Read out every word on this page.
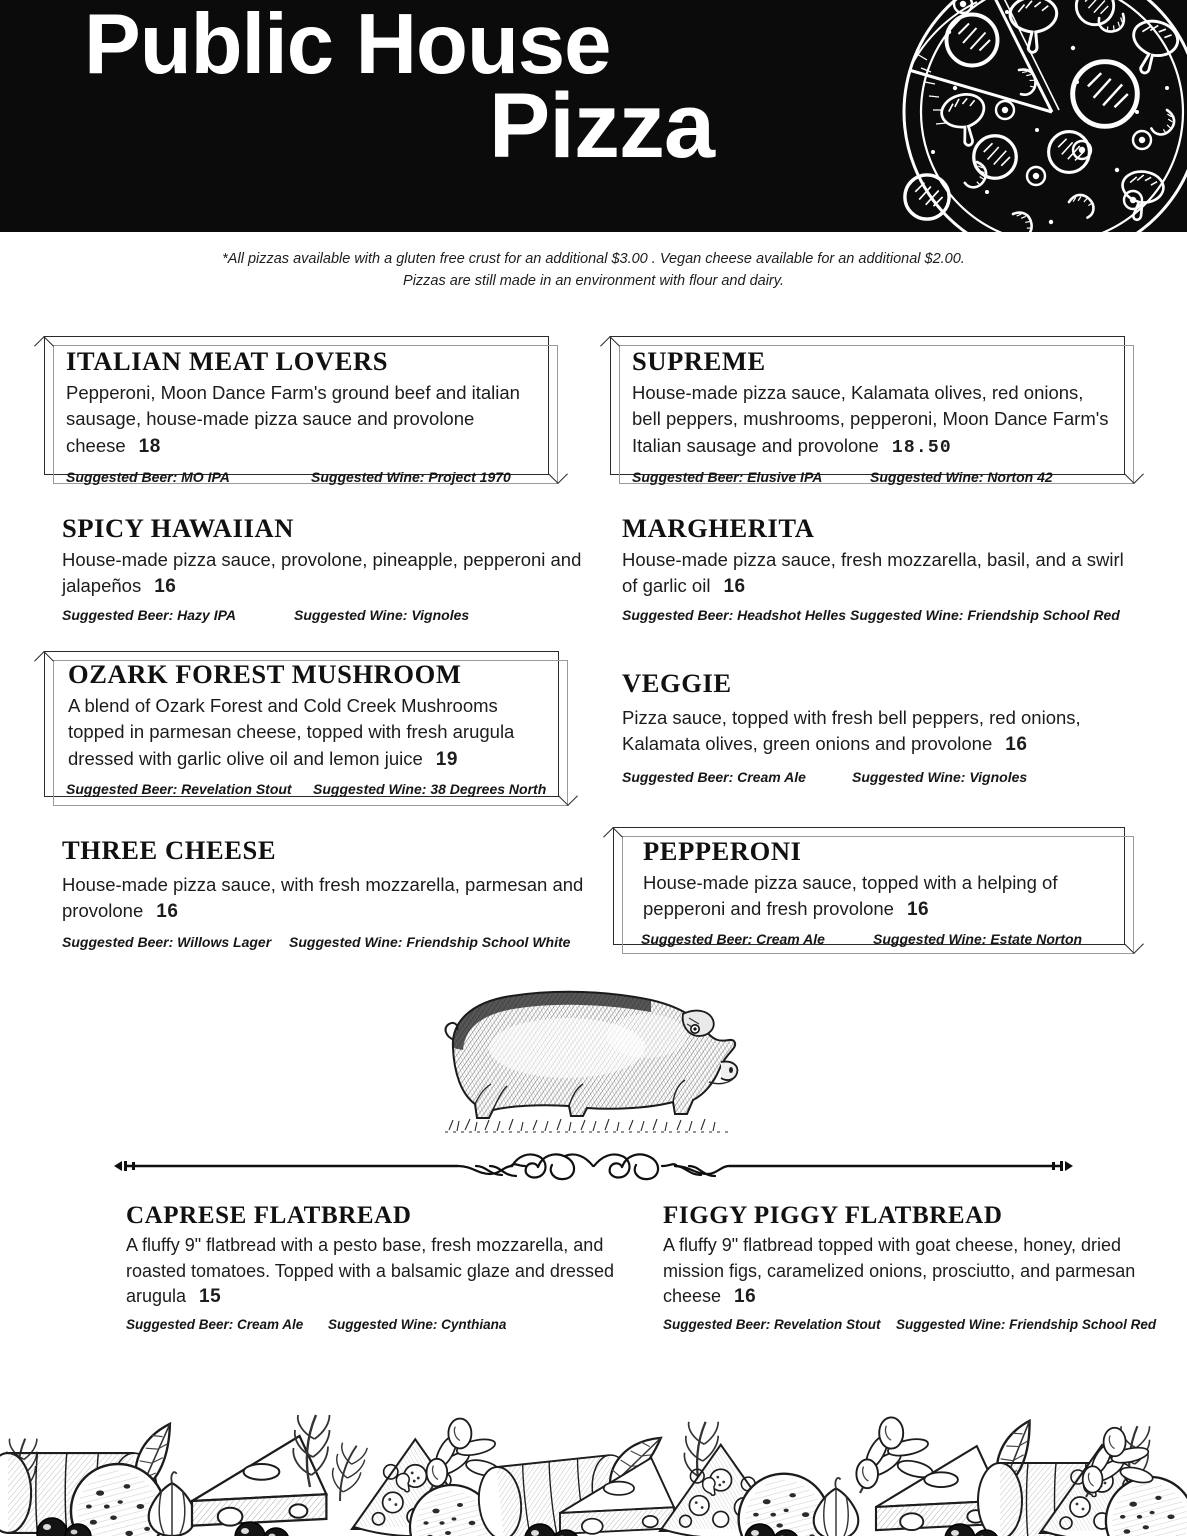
Public House
Pizza
*All pizzas available with a gluten free crust for an additional $3.00 . Vegan cheese available for an additional $2.00.
Pizzas are still made in an environment with flour and dairy.
ITALIAN MEAT LOVERS
Pepperoni, Moon Dance Farm's ground beef and italian sausage, house-made pizza sauce and provolone cheese 18
Suggested Beer: MO IPA	Suggested Wine: Project 1970
SUPREME
House-made pizza sauce, Kalamata olives, red onions, bell peppers, mushrooms, pepperoni, Moon Dance Farm's Italian sausage and provolone 18.50
Suggested Beer: Elusive IPA	Suggested Wine: Norton 42
SPICY HAWAIIAN
House-made pizza sauce, provolone, pineapple, pepperoni and jalapeños 16
Suggested Beer: Hazy IPA	Suggested Wine: Vignoles
MARGHERITA
House-made pizza sauce, fresh mozzarella, basil, and a swirl of garlic oil 16
Suggested Beer: Headshot Helles Suggested Wine: Friendship School Red
OZARK FOREST MUSHROOM
A blend of Ozark Forest and Cold Creek Mushrooms topped in parmesan cheese, topped with fresh arugula dressed with garlic olive oil and lemon juice 19
Suggested Beer: Revelation Stout	Suggested Wine: 38 Degrees North
VEGGIE
Pizza sauce, topped with fresh bell peppers, red onions, Kalamata olives, green onions and provolone 16
Suggested Beer: Cream Ale	Suggested Wine: Vignoles
THREE CHEESE
House-made pizza sauce, with fresh mozzarella, parmesan and provolone 16
Suggested Beer: Willows Lager	Suggested Wine: Friendship School White
PEPPERONI
House-made pizza sauce, topped with a helping of pepperoni and fresh provolone 16
Suggested Beer: Cream Ale	Suggested Wine: Estate Norton
CAPRESE FLATBREAD
A fluffy 9" flatbread with a pesto base, fresh mozzarella, and roasted tomatoes. Topped with a balsamic glaze and dressed arugula 15
Suggested Beer: Cream Ale	Suggested Wine: Cynthiana
FIGGY PIGGY FLATBREAD
A fluffy 9" flatbread topped with goat cheese, honey, dried mission figs, caramelized onions, prosciutto, and parmesan cheese 16
Suggested Beer: Revelation Stout	Suggested Wine: Friendship School Red
